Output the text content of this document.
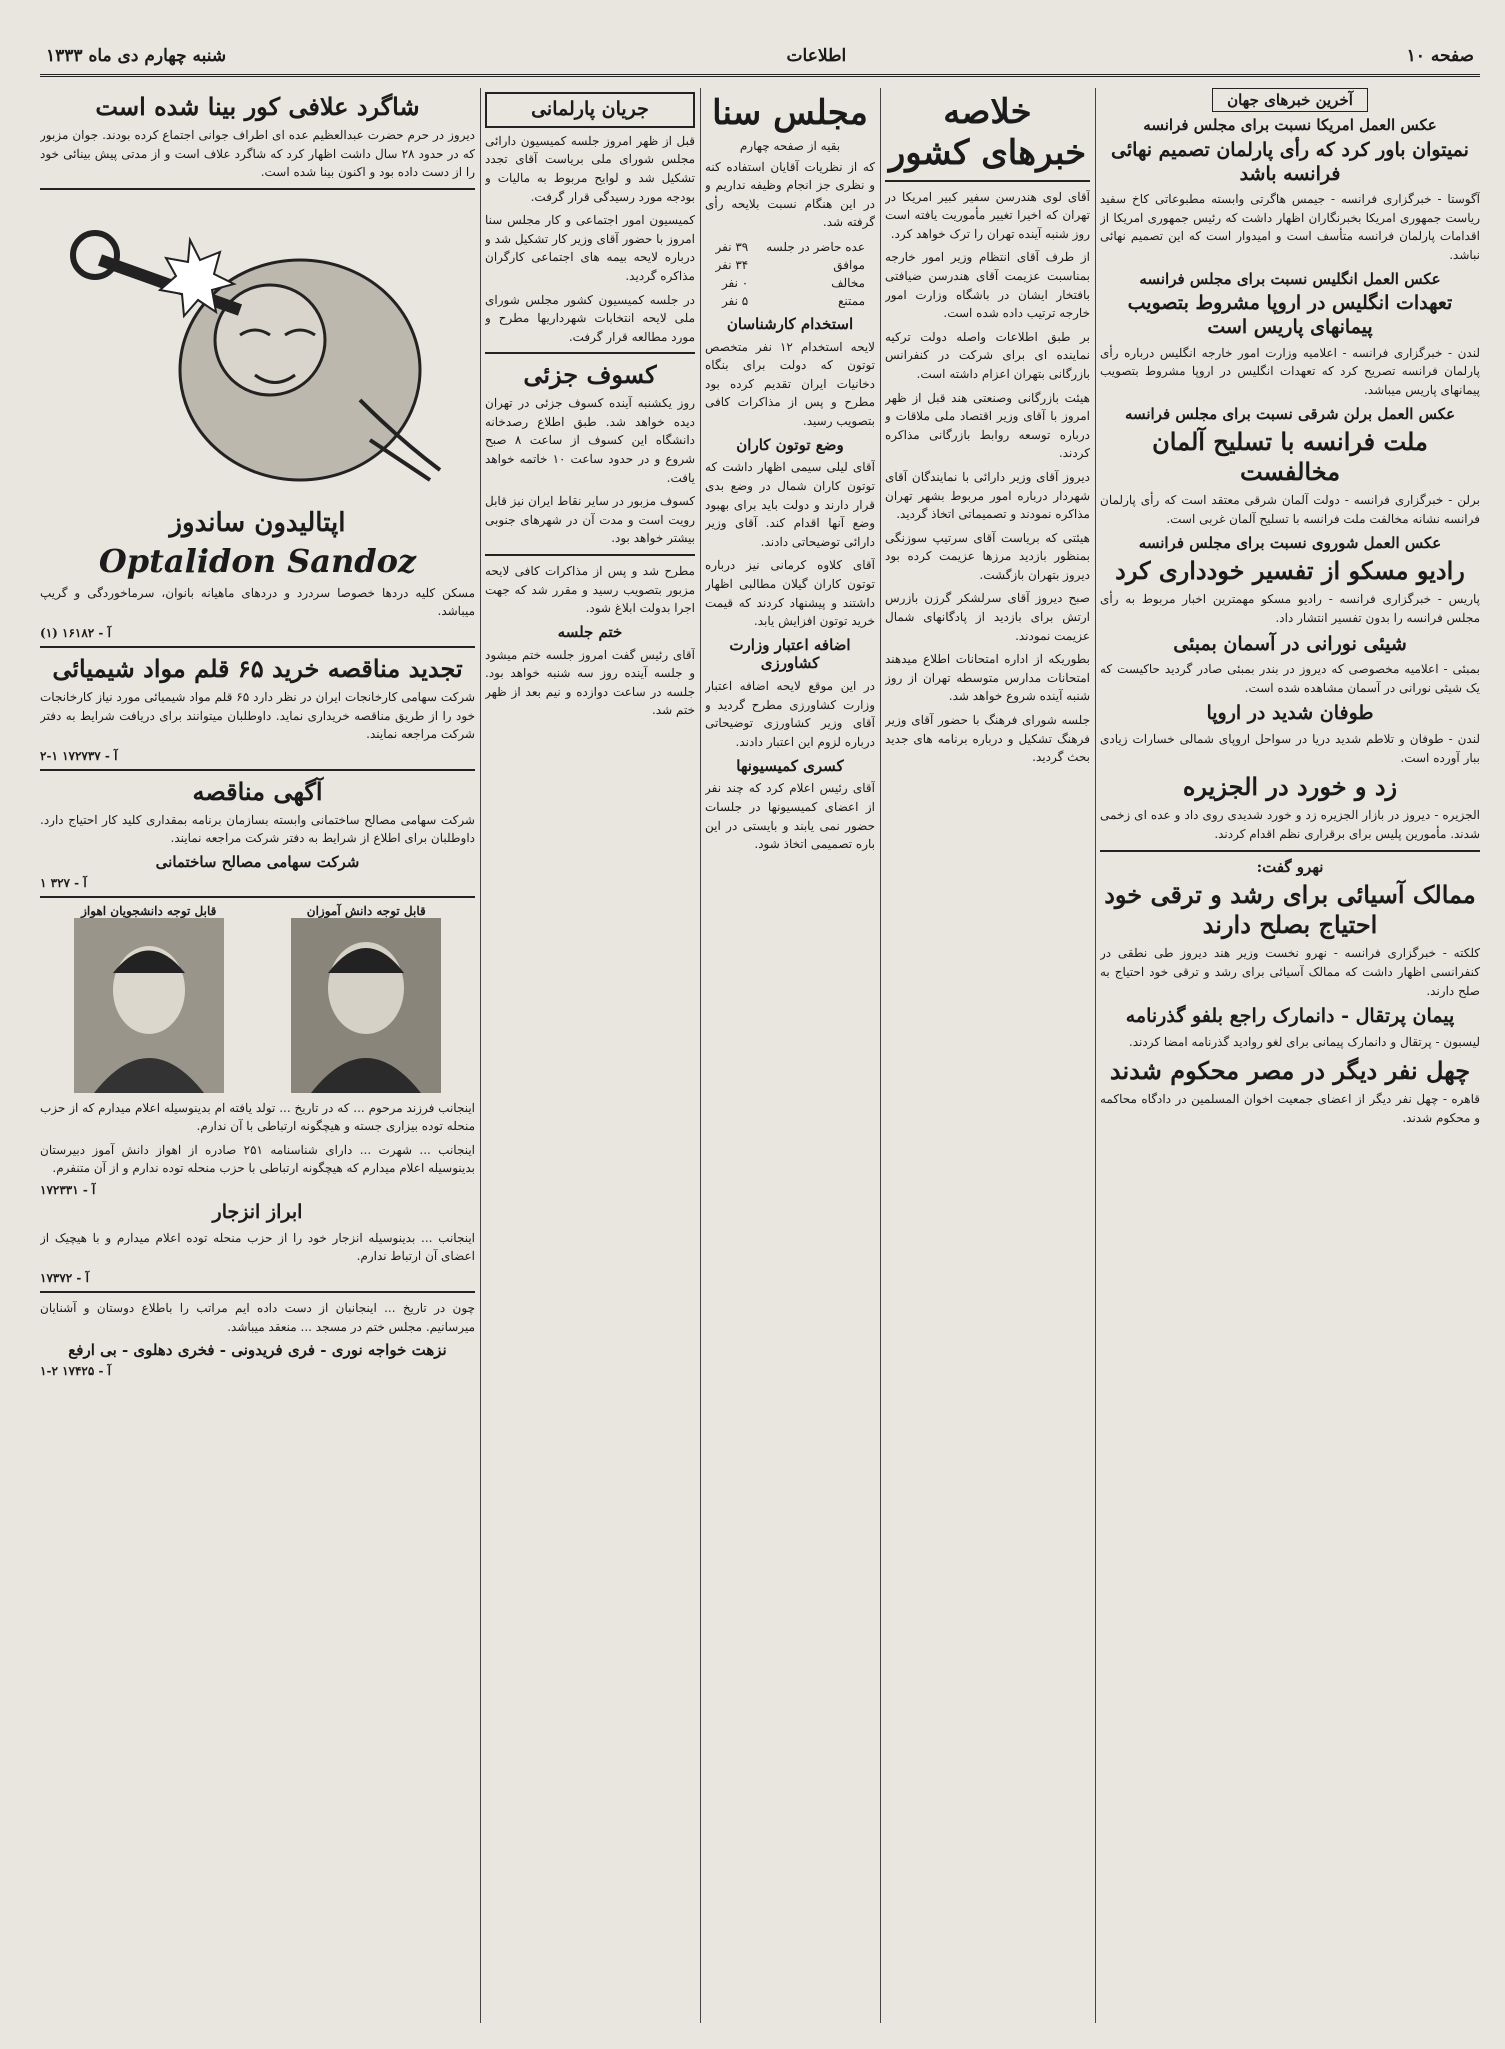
شنبه چهارم دی ماه ۱۳۳۳	اطلاعات	صفحه ۱۰
آخرین خبرهای جهان
عکس العمل امریکا نسبت برای مجلس فرانسه
نمیتوان باور کرد که رأی پارلمان تصمیم نهائی فرانسه باشد

آگوستا - خبرگزاری فرانسه - جیمس هاگرتی وابسته مطبوعاتی کاخ سفید ریاست جمهوری امریکا بخبرنگاران اظهار داشت که رئیس جمهوری امریکا از اقدامات پارلمان فرانسه متأسف است و امیدوار است که این تصمیم نهائی نباشد.

عکس العمل انگلیس نسبت برای مجلس فرانسه
تعهدات انگلیس در اروپا مشروط بتصویب پیمانهای پاریس است

لندن - خبرگزاری فرانسه - اعلامیه وزارت امور خارجه انگلیس درباره رأی پارلمان فرانسه تصریح کرد که تعهدات انگلیس در اروپا مشروط بتصویب پیمانهای پاریس میباشد.

عکس العمل برلن شرقی نسبت برای مجلس فرانسه
ملت فرانسه با تسلیح آلمان مخالفست

برلن - خبرگزاری فرانسه - دولت آلمان شرقی معتقد است که رأی پارلمان فرانسه نشانه مخالفت ملت فرانسه با تسلیح آلمان غربی است.

عکس العمل شوروی نسبت برای مجلس فرانسه
رادیو مسکو از تفسیر خودداری کرد

پاریس - خبرگزاری فرانسه - رادیو مسکو مهمترین اخبار مربوط به رأی مجلس فرانسه را بدون تفسیر انتشار داد.

شیئی نورانی در آسمان بمبئی

بمبئی - اعلامیه مخصوصی که دیروز در بندر بمبئی صادر گردید حاکیست که یک شیئی نورانی در آسمان مشاهده شده است.

طوفان شدید در اروپا

لندن - طوفان و تلاطم شدید دریا در سواحل اروپای شمالی خسارات زیادی ببار آورده است.

زد و خورد در الجزیره

الجزیره - دیروز در بازار الجزیره زد و خورد شدیدی روی داد و عده ای زخمی شدند. مأمورین پلیس برای برقراری نظم اقدام کردند.

نهرو گفت:
ممالک آسیائی برای رشد و ترقی خود احتیاج بصلح دارند

کلکته - خبرگزاری فرانسه - نهرو نخست وزیر هند دیروز طی نطقی در کنفرانسی اظهار داشت که ممالک آسیائی برای رشد و ترقی خود احتیاج به صلح دارند.

پیمان پرتقال - دانمارک راجع بلفو گذرنامه

لیسبون - پرتقال و دانمارک پیمانی برای لغو روادید گذرنامه امضا کردند.

چهل نفر دیگر در مصر محکوم شدند

قاهره - چهل نفر دیگر از اعضای جمعیت اخوان المسلمین در دادگاه محاکمه و محکوم شدند.

خلاصه خبرهای کشور

آقای لوی هندرسن سفیر کبیر امریکا در تهران که اخیرا تغییر مأموریت یافته است روز شنبه آینده تهران را ترک خواهد کرد.

از طرف آقای انتظام وزیر امور خارجه بمناسبت عزیمت آقای هندرسن ضیافتی بافتخار ایشان در باشگاه وزارت امور خارجه ترتیب داده شده است.

بر طبق اطلاعات واصله دولت ترکیه نماینده ای برای شرکت در کنفرانس بازرگانی بتهران اعزام داشته است.

هیئت بازرگانی وصنعتی هند قبل از ظهر امروز با آقای وزیر اقتصاد ملی ملاقات و درباره توسعه روابط بازرگانی مذاکره کردند.

دیروز آقای وزیر دارائی با نمایندگان آقای شهردار درباره امور مربوط بشهر تهران مذاکره نمودند و تصمیماتی اتخاذ گردید.

هیئتی که بریاست آقای سرتیپ سوزنگی بمنظور بازدید مرزها عزیمت کرده بود دیروز بتهران بازگشت.

صبح دیروز آقای سرلشکر گرزن بازرس ارتش برای بازدید از پادگانهای شمال عزیمت نمودند.

بطوریکه از اداره امتحانات اطلاع میدهند امتحانات مدارس متوسطه تهران از روز شنبه آینده شروع خواهد شد.

جلسه شورای فرهنگ با حضور آقای وزیر فرهنگ تشکیل و درباره برنامه های جدید بحث گردید.

مجلس سنا
بقیه از صفحه چهارم

که از نظریات آقایان استفاده کنه و نظری جز انجام وظیفه نداریم و در این هنگام نسبت بلایحه رأی گرفته شد.

عده حاضر در جلسه	۳۹ نفر
موافق	۳۴ نفر
مخالف	۰ نفر
ممتنع	۵ نفر
استخدام کارشناسان

لایحه استخدام ۱۲ نفر متخصص توتون که دولت برای بنگاه دخانیات ایران تقدیم کرده بود مطرح و پس از مذاکرات کافی بتصویب رسید.

وضع توتون کاران

آقای لیلی سیمی اظهار داشت که توتون کاران شمال در وضع بدی قرار دارند و دولت باید برای بهبود وضع آنها اقدام کند. آقای وزیر دارائی توضیحاتی دادند.

آقای کلاوه کرمانی نیز درباره توتون کاران گیلان مطالبی اظهار داشتند و پیشنهاد کردند که قیمت خرید توتون افزایش یابد.

اضافه اعتبار وزارت کشاورزی

در این موقع لایحه اضافه اعتبار وزارت کشاورزی مطرح گردید و آقای وزیر کشاورزی توضیحاتی درباره لزوم این اعتبار دادند.

کسری کمیسیونها

آقای رئیس اعلام کرد که چند نفر از اعضای کمیسیونها در جلسات حضور نمی یابند و بایستی در این باره تصمیمی اتخاذ شود.

جریان پارلمانی

قبل از ظهر امروز جلسه کمیسیون دارائی مجلس شورای ملی بریاست آقای تجدد تشکیل شد و لوایح مربوط به مالیات و بودجه مورد رسیدگی قرار گرفت.

کمیسیون امور اجتماعی و کار مجلس سنا امروز با حضور آقای وزیر کار تشکیل شد و درباره لایحه بیمه های اجتماعی کارگران مذاکره گردید.

در جلسه کمیسیون کشور مجلس شورای ملی لایحه انتخابات شهرداریها مطرح و مورد مطالعه قرار گرفت.

کسوف جزئی

روز یکشنبه آینده کسوف جزئی در تهران دیده خواهد شد. طبق اطلاع رصدخانه دانشگاه این کسوف از ساعت ۸ صبح شروع و در حدود ساعت ۱۰ خاتمه خواهد یافت.

کسوف مزبور در سایر نقاط ایران نیز قابل رویت است و مدت آن در شهرهای جنوبی بیشتر خواهد بود.

مطرح شد و پس از مذاکرات کافی لایحه مزبور بتصویب رسید و مقرر شد که جهت اجرا بدولت ابلاغ شود.

ختم جلسه

آقای رئیس گفت امروز جلسه ختم میشود و جلسه آینده روز سه شنبه خواهد بود. جلسه در ساعت دوازده و نیم بعد از ظهر ختم شد.

شاگرد علافی کور بینا شده است

دیروز در حرم حضرت عبدالعظیم عده ای اطراف جوانی اجتماع کرده بودند. جوان مزبور که در حدود ۲۸ سال داشت اظهار کرد که شاگرد علاف است و از مدتی پیش بینائی خود را از دست داده بود و اکنون بینا شده است.

اپتالیدون ساندوز
Optalidon Sandoz

مسکن کلیه دردها خصوصا سردرد و دردهای ماهیانه بانوان، سرماخوردگی و گریپ میباشد.

آ - ۱۶۱۸۲ (۱)
تجدید مناقصه خرید ۶۵ قلم مواد شیمیائی

شرکت سهامی کارخانجات ایران در نظر دارد ۶۵ قلم مواد شیمیائی مورد نیاز کارخانجات خود را از طریق مناقصه خریداری نماید. داوطلبان میتوانند برای دریافت شرایط به دفتر شرکت مراجعه نمایند.

آ - ۱۷۲۷۳۷ ۱-۲
آگهی مناقصه

شرکت سهامی مصالح ساختمانی وابسته بسازمان برنامه بمقداری کلید کار احتیاج دارد. داوطلبان برای اطلاع از شرایط به دفتر شرکت مراجعه نمایند.

شرکت سهامی مصالح ساختمانی
آ - ۳۲۷ ۱
قابل توجه دانش آموزان
قابل توجه دانشجویان اهواز

اینجانب فرزند مرحوم ... که در تاریخ ... تولد یافته ام بدینوسیله اعلام میدارم که از حزب منحله توده بیزاری جسته و هیچگونه ارتباطی با آن ندارم.

اینجانب ... شهرت ... دارای شناسنامه ۲۵۱ صادره از اهواز دانش آموز دبیرستان بدینوسیله اعلام میدارم که هیچگونه ارتباطی با حزب منحله توده ندارم و از آن متنفرم.

آ - ۱۷۲۳۳۱
ابراز انزجار

اینجانب ... بدینوسیله انزجار خود را از حزب منحله توده اعلام میدارم و با هیچیک از اعضای آن ارتباط ندارم.

آ - ۱۷۳۷۲

چون در تاریخ ... اینجانبان از دست داده ایم مراتب را باطلاع دوستان و آشنایان میرسانیم. مجلس ختم در مسجد ... منعقد میباشد.

نزهت خواجه نوری - فری فریدونی - فخری دهلوی - بی ارفع
آ - ۱۷۴۲۵ ۲-۱
